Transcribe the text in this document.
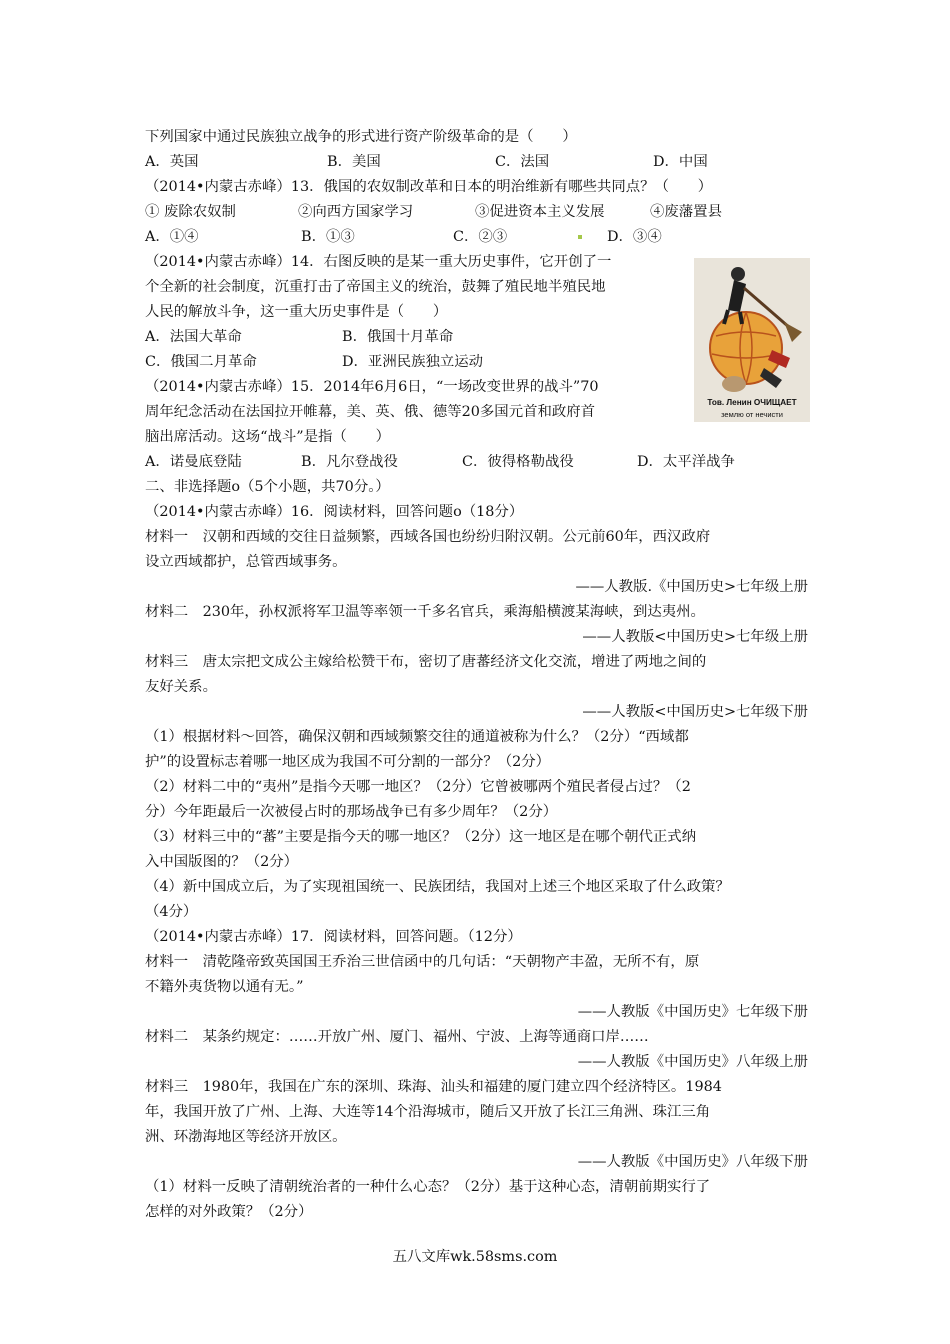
下列国家中通过民族独立战争的形式进行资产阶级革命的是（　　）
A．英国	B．美国	C．法国	D．中国
（2014•内蒙古赤峰）13．俄国的农奴制改革和日本的明治维新有哪些共同点？（　　）
① 废除农奴制	②向西方国家学习	③促进资本主义发展	④废藩置县
A．①④	B．①③	C．②③	D．③④
（2014•内蒙古赤峰）14．右图反映的是某一重大历史事件，它开创了一
个全新的社会制度，沉重打击了帝国主义的统治，鼓舞了殖民地半殖民地
人民的解放斗争，这一重大历史事件是（　　）
A．法国大革命	B．俄国十月革命
C．俄国二月革命	D．亚洲民族独立运动
Тов. Ленин ОЧИЩАЕТ
землю от нечисти
（2014•内蒙古赤峰）15．2014年6月6日，“一场改变世界的战斗”70
周年纪念活动在法国拉开帷幕，美、英、俄、德等20多国元首和政府首
脑出席活动。这场“战斗”是指（　　）
A．诺曼底登陆	B．凡尔登战役	C．彼得格勒战役	D．太平洋战争
二、非选择题o（5个小题，共70分。）
（2014•内蒙古赤峰）16．阅读材料，回答问题o（18分）
材料一　汉朝和西域的交往日益频繁，西域各国也纷纷归附汉朝。公元前60年，西汉政府
设立西域都护，总管西域事务。
——人教版.《中国历史>七年级上册
材料二　230年，孙权派将军卫温等率领一千多名官兵，乘海船横渡某海峡，到达夷州。
——人教版<中国历史>七年级上册
材料三　唐太宗把文成公主嫁给松赞干布，密切了唐蕃经济文化交流，增进了两地之间的
友好关系。
——人教版<中国历史>七年级下册
（1）根据材料～回答，确保汉朝和西域频繁交往的通道被称为什么？（2分）“西域都
护”的设置标志着哪一地区成为我国不可分割的一部分？（2分）
（2）材料二中的“夷州”是指今天哪一地区？（2分）它曾被哪两个殖民者侵占过？（2
分）今年距最后一次被侵占时的那场战争已有多少周年？（2分）
（3）材料三中的“蕃”主要是指今天的哪一地区？（2分）这一地区是在哪个朝代正式纳
入中国版图的？（2分）
（4）新中国成立后，为了实现祖国统一、民族团结，我国对上述三个地区采取了什么政策？
（4分）
（2014•内蒙古赤峰）17．阅读材料，回答问题。（12分）
材料一　清乾隆帝致英国国王乔治三世信函中的几句话：“天朝物产丰盈，无所不有，原
不籍外夷货物以通有无。”
——人教版《中国历史》七年级下册
材料二　某条约规定：……开放广州、厦门、福州、宁波、上海等通商口岸……
——人教版《中国历史》八年级上册
材料三　1980年，我国在广东的深圳、珠海、汕头和福建的厦门建立四个经济特区。1984
年，我国开放了广州、上海、大连等14个沿海城市，随后又开放了长江三角洲、珠江三角
洲、环渤海地区等经济开放区。
——人教版《中国历史》八年级下册
（1）材料一反映了清朝统治者的一种什么心态？（2分）基于这种心态，清朝前期实行了
怎样的对外政策？（2分）
五八文库wk.58sms.com
